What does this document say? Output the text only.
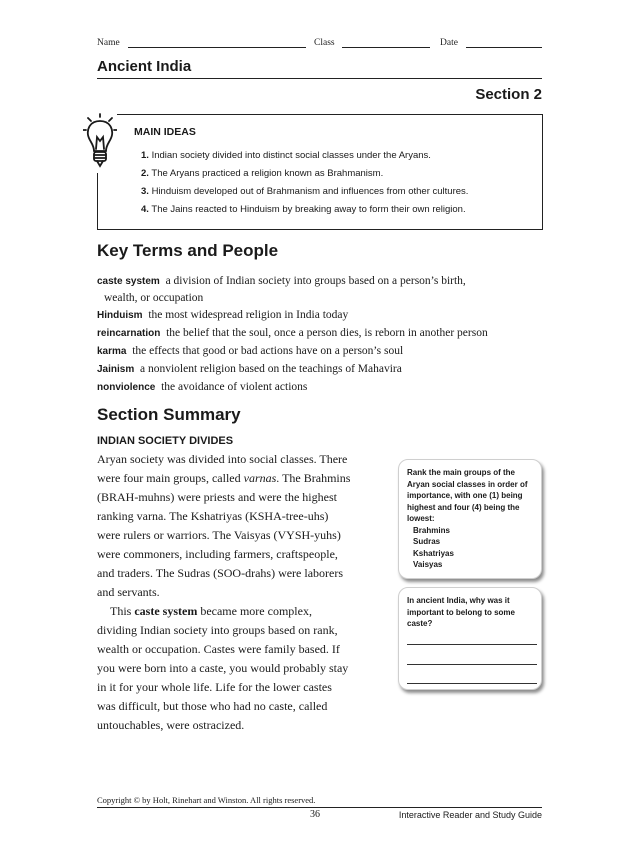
Name	Class	Date
Ancient India
Section 2
MAIN IDEAS
1. Indian society divided into distinct social classes under the Aryans.
2. The Aryans practiced a religion known as Brahmanism.
3. Hinduism developed out of Brahmanism and influences from other cultures.
4. The Jains reacted to Hinduism by breaking away to form their own religion.
Key Terms and People
caste system a division of Indian society into groups based on a person’s birth,
wealth, or occupation
Hinduism the most widespread religion in India today
reincarnation the belief that the soul, once a person dies, is reborn in another person
karma the effects that good or bad actions have on a person’s soul
Jainism a nonviolent religion based on the teachings of Mahavira
nonviolence the avoidance of violent actions
Section Summary
INDIAN SOCIETY DIVIDES
Aryan society was divided into social classes. There
were four main groups, called varnas. The Brahmins
(BRAH-muhns) were priests and were the highest
ranking varna. The Kshatriyas (KSHA-tree-uhs)
were rulers or warriors. The Vaisyas (VYSH-yuhs)
were commoners, including farmers, craftspeople,
and traders. The Sudras (SOO-drahs) were laborers
and servants.
This caste system became more complex,
dividing Indian society into groups based on rank,
wealth or occupation. Castes were family based. If
you were born into a caste, you would probably stay
in it for your whole life. Life for the lower castes
was difficult, but those who had no caste, called
untouchables, were ostracized.
Rank the main groups of the
Aryan social classes in order of
importance, with one (1) being
highest and four (4) being the
lowest:
Brahmins
Sudras
Kshatriyas
Vaisyas
In ancient India, why was it
important to belong to some
caste?
Copyright © by Holt, Rinehart and Winston. All rights reserved.
36	Interactive Reader and Study Guide
